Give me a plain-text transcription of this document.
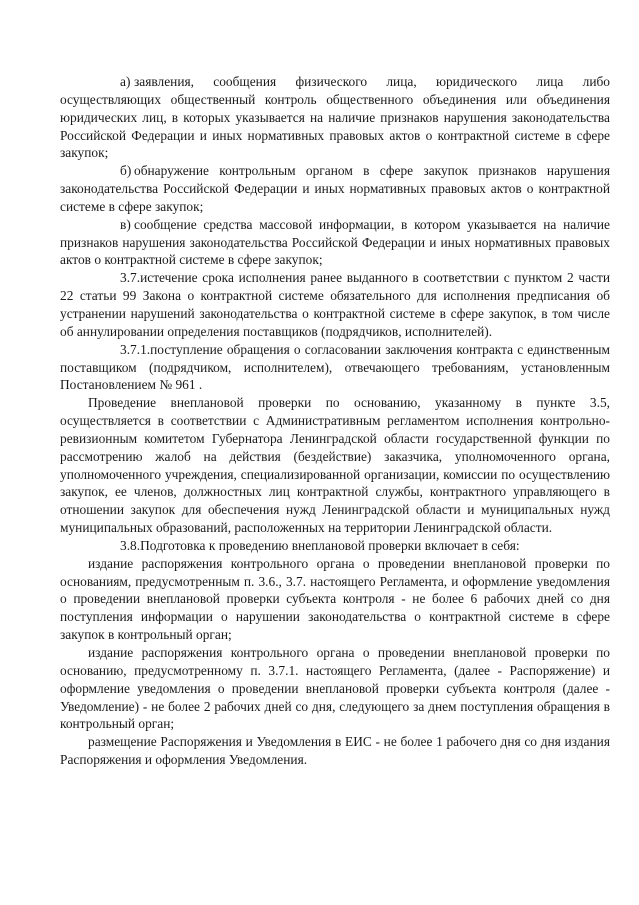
а) заявления, сообщения физического лица, юридического лица либо осуществляющих общественный контроль общественного объединения или объединения юридических лиц, в которых указывается на наличие признаков нарушения законодательства Российской Федерации и иных нормативных правовых актов о контрактной системе в сфере закупок;

б) обнаружение контрольным органом в сфере закупок признаков нарушения законодательства Российской Федерации и иных нормативных правовых актов о контрактной системе в сфере закупок;

в) сообщение средства массовой информации, в котором указывается на наличие признаков нарушения законодательства Российской Федерации и иных нормативных правовых актов о контрактной системе в сфере закупок;

3.7.истечение срока исполнения ранее выданного в соответствии с пунктом 2 части 22 статьи 99 Закона о контрактной системе обязательного для исполнения предписания об устранении нарушений законодательства о контрактной системе в сфере закупок, в том числе об аннулировании определения поставщиков (подрядчиков, исполнителей).

3.7.1.поступление обращения о согласовании заключения контракта с единственным поставщиком (подрядчиком, исполнителем), отвечающего требованиям, установленным Постановлением № 961 .

Проведение внеплановой проверки по основанию, указанному в пункте 3.5, осуществляется в соответствии с Административным регламентом исполнения контрольно-ревизионным комитетом Губернатора Ленинградской области государственной функции по рассмотрению жалоб на действия (бездействие) заказчика, уполномоченного органа, уполномоченного учреждения, специализированной организации, комиссии по осуществлению закупок, ее членов, должностных лиц контрактной службы, контрактного управляющего в отношении закупок для обеспечения нужд Ленинградской области и муниципальных нужд муниципальных образований, расположенных на территории Ленинградской области.

3.8.Подготовка к проведению внеплановой проверки включает в себя:

издание распоряжения контрольного органа о проведении внеплановой проверки по основаниям, предусмотренным п. 3.6., 3.7. настоящего Регламента, и оформление уведомления о проведении внеплановой проверки субъекта контроля - не более 6 рабочих дней со дня поступления информации о нарушении законодательства о контрактной системе в сфере закупок в контрольный орган;

издание распоряжения контрольного органа о проведении внеплановой проверки по основанию, предусмотренному п. 3.7.1. настоящего Регламента, (далее - Распоряжение) и оформление уведомления о проведении внеплановой проверки субъекта контроля (далее - Уведомление) - не более 2 рабочих дней со дня, следующего за днем поступления обращения в контрольный орган;

размещение Распоряжения и Уведомления в ЕИС - не более 1 рабочего дня со дня издания Распоряжения и оформления Уведомления.
